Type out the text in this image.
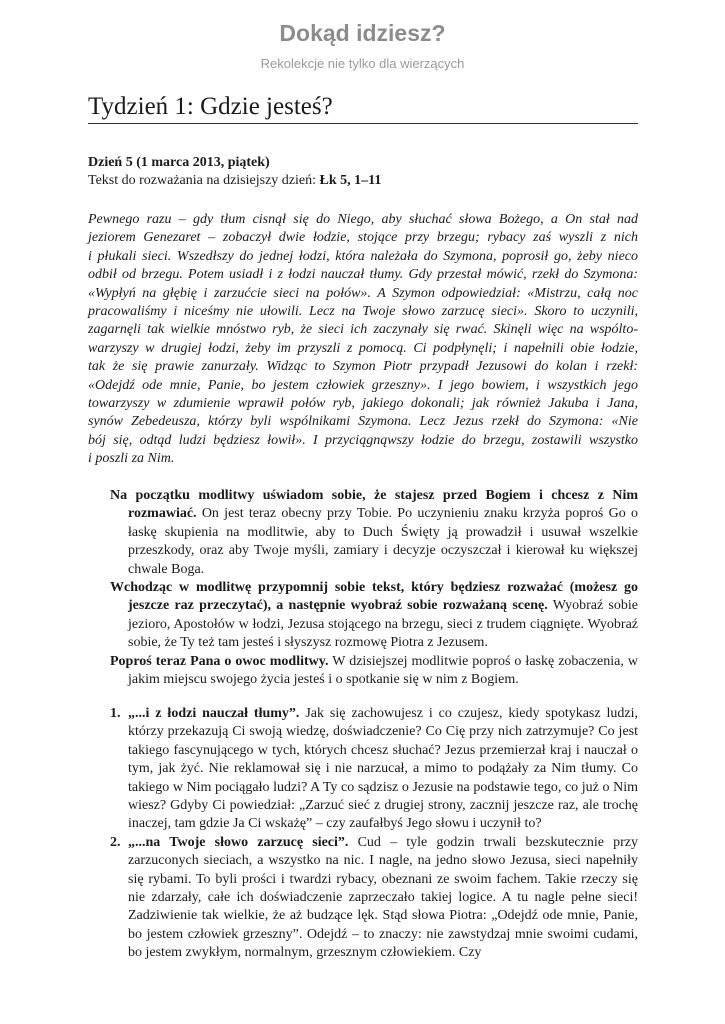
Dokąd idziesz?
Rekolekcje nie tylko dla wierzących
Tydzień 1: Gdzie jesteś?
Dzień 5 (1 marca 2013, piątek)
Tekst do rozważania na dzisiejszy dzień: Łk 5, 1–11
Pewnego razu – gdy tłum cisnął się do Niego, aby słuchać słowa Bożego, a On stał nad
jeziorem Genezaret – zobaczył dwie łodzie, stojące przy brzegu; rybacy zaś wyszli z nich
i płukali sieci. Wszedłszy do jednej łodzi, która należała do Szymona, poprosił go, żeby nieco
odbił od brzegu. Potem usiadł i z łodzi nauczał tłumy. Gdy przestał mówić, rzekł do Szymona:
«Wypłyń na głębię i zarzućcie sieci na połów». A Szymon odpowiedział: «Mistrzu, całą noc
pracowaliśmy i niceśmy nie ułowili. Lecz na Twoje słowo zarzucę sieci». Skoro to uczynili,
zagarnęli tak wielkie mnóstwo ryb, że sieci ich zaczynały się rwać. Skinęli więc na wspólto-
warzyszy w drugiej łodzi, żeby im przyszli z pomocą. Ci podpłynęli; i napełnili obie łodzie,
tak że się prawie zanurzały. Widząc to Szymon Piotr przypadł Jezusowi do kolan i rzekł:
«Odejdź ode mnie, Panie, bo jestem człowiek grzeszny». I jego bowiem, i wszystkich jego
towarzyszy w zdumienie wprawił połów ryb, jakiego dokonali; jak również Jakuba i Jana,
synów Zebedeusza, którzy byli wspólnikami Szymona. Lecz Jezus rzekł do Szymona: «Nie
bój się, odtąd ludzi będziesz łowił». I przyciągnąwszy łodzie do brzegu, zostawili wszystko
i poszli za Nim.

Na początku modlitwy uświadom sobie, że stajesz przed Bogiem i chcesz z Nim rozmawiać. On jest teraz obecny przy Tobie. Po uczynieniu znaku krzyża poproś Go o łaskę skupienia na modlitwie, aby to Duch Święty ją prowadził i usuwał wszelkie przeszkody, oraz aby Twoje myśli, zamiary i decyzje oczyszczał i kierował ku większej chwale Boga.

Wchodząc w modlitwę przypomnij sobie tekst, który będziesz rozważać (możesz go jeszcze raz przeczytać), a następnie wyobraź sobie rozważaną scenę. Wyobraź sobie jezioro, Apostołów w łodzi, Jezusa stojącego na brzegu, sieci z trudem ciągnięte. Wyobraź sobie, że Ty też tam jesteś i słyszysz rozmowę Piotra z Jezusem.

Poproś teraz Pana o owoc modlitwy. W dzisiejszej modlitwie poproś o łaskę zobaczenia, w jakim miejscu swojego życia jesteś i o spotkanie się w nim z Bogiem.

1. „...i z łodzi nauczał tłumy”. Jak się zachowujesz i co czujesz, kiedy spotykasz ludzi, którzy przekazują Ci swoją wiedzę, doświadczenie? Co Cię przy nich zatrzymuje? Co jest takiego fascynującego w tych, których chcesz słuchać? Jezus przemierzał kraj i nauczał o tym, jak żyć. Nie reklamował się i nie narzucał, a mimo to podążały za Nim tłumy. Co takiego w Nim pociągało ludzi? A Ty co sądzisz o Jezusie na podstawie tego, co już o Nim wiesz? Gdyby Ci powiedział: „Zarzuć sieć z drugiej strony, zacznij jeszcze raz, ale trochę inaczej, tam gdzie Ja Ci wskażę” – czy zaufałbyś Jego słowu i uczynił to?

2. „...na Twoje słowo zarzucę sieci”. Cud – tyle godzin trwali bezskutecznie przy zarzuconych sieciach, a wszystko na nic. I nagle, na jedno słowo Jezusa, sieci napełniły się rybami. To byli prości i twardzi rybacy, obeznani ze swoim fachem. Takie rzeczy się nie zdarzały, całe ich doświadczenie zaprzeczało takiej logice. A tu nagle pełne sieci! Zadziwienie tak wielkie, że aż budzące lęk. Stąd słowa Piotra: „Odejdź ode mnie, Panie, bo jestem człowiek grzeszny”. Odejdź – to znaczy: nie zawstydzaj mnie swoimi cudami, bo jestem zwykłym, normalnym, grzesznym człowiekiem. Czy
